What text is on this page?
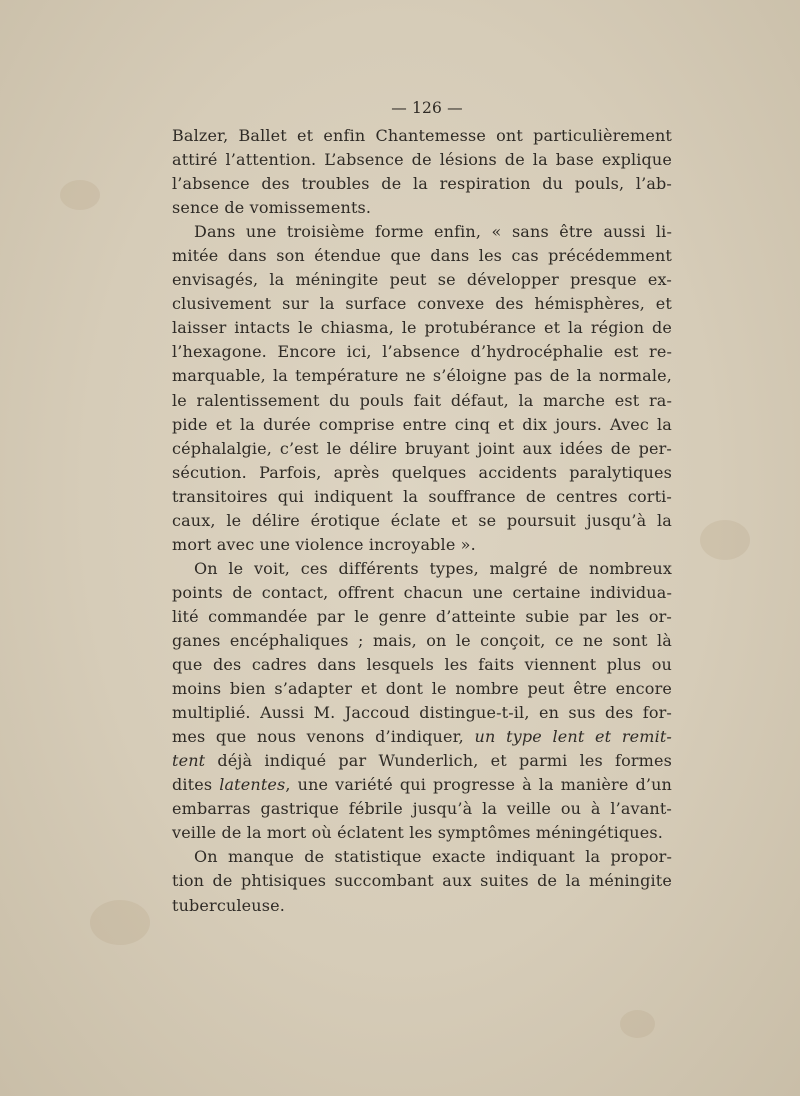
— 126 —
Balzer, Ballet et enfin Chantemesse ont particulièrement
attiré l’attention. L’absence de lésions de la base explique
l’absence des troubles de la respiration du pouls, l’ab-
sence de vomissements.
Dans une troisième forme enfin, « sans être aussi li-
mitée dans son étendue que dans les cas précédemment
envisagés, la méningite peut se développer presque ex-
clusivement sur la surface convexe des hémisphères, et
laisser intacts le chiasma, le protubérance et la région de
l’hexagone. Encore ici, l’absence d’hydrocéphalie est re-
marquable, la température ne s’éloigne pas de la normale,
le ralentissement du pouls fait défaut, la marche est ra-
pide et la durée comprise entre cinq et dix jours. Avec la
céphalalgie, c’est le délire bruyant joint aux idées de per-
sécution. Parfois, après quelques accidents paralytiques
transitoires qui indiquent la souffrance de centres corti-
caux, le délire érotique éclate et se poursuit jusqu’à la
mort avec une violence incroyable ».
On le voit, ces différents types, malgré de nombreux
points de contact, offrent chacun une certaine individua-
lité commandée par le genre d’atteinte subie par les or-
ganes encéphaliques ; mais, on le conçoit, ce ne sont là
que des cadres dans lesquels les faits viennent plus ou
moins bien s’adapter et dont le nombre peut être encore
multiplié. Aussi M. Jaccoud distingue-t-il, en sus des for-
mes que nous venons d’indiquer, un type lent et remit-
tent déjà indiqué par Wunderlich, et parmi les formes
dites latentes, une variété qui progresse à la manière d’un
embarras gastrique fébrile jusqu’à la veille ou à l’avant-
veille de la mort où éclatent les symptômes méningétiques.
On manque de statistique exacte indiquant la propor-
tion de phtisiques succombant aux suites de la méningite
tuberculeuse.
